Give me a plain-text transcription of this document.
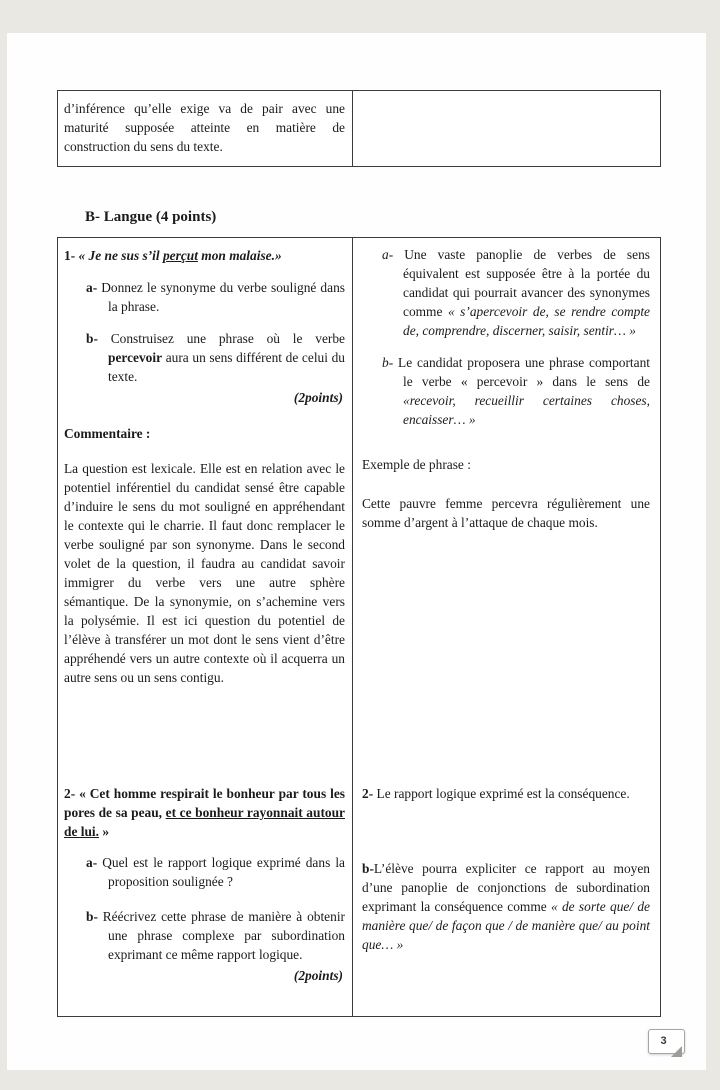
d’inférence qu’elle exige va de pair avec une maturité supposée atteinte en matière de construction du sens du texte.
B- Langue (4 points)

1- « Je ne sus s’il perçut mon malaise.»

a- Donnez le synonyme du verbe souligné dans la phrase.

b- Construisez une phrase où le verbe percevoir aura un sens différent de celui du texte.

(2points)

Commentaire :

La question est lexicale. Elle est en relation avec le potentiel inférentiel du candidat sensé être capable d’induire le sens du mot souligné en appréhendant le contexte qui le charrie. Il faut donc remplacer le verbe souligné par son synonyme. Dans le second volet de la question, il faudra au candidat savoir immigrer du verbe vers une autre sphère sémantique. De la synonymie, on s’achemine vers la polysémie. Il est ici question du potentiel de l’élève à transférer un mot dont le sens vient d’être appréhendé vers un autre contexte où il acquerra un autre sens ou un sens contigu.

a- Une vaste panoplie de verbes de sens équivalent est supposée être à la portée du candidat qui pourrait avancer des synonymes comme « s’apercevoir de, se rendre compte de, comprendre, discerner, saisir, sentir… »

b- Le candidat proposera une phrase comportant le verbe « percevoir » dans le sens de «recevoir, recueillir certaines choses, encaisser… »

Exemple de phrase :

Cette pauvre femme percevra régulièrement une somme d’argent à l’attaque de chaque mois.

2- « Cet homme respirait le bonheur par tous les pores de sa peau, et ce bonheur rayonnait autour de lui. »

a- Quel est le rapport logique exprimé dans la proposition soulignée ?

b- Réécrivez cette phrase de manière à obtenir une phrase complexe par subordination exprimant ce même rapport logique.

(2points)

2- Le rapport logique exprimé est la conséquence.

b-L’élève pourra expliciter ce rapport au moyen d’une panoplie de conjonctions de subordination exprimant la conséquence comme « de sorte que/ de manière que/ de façon que / de manière que/ au point que… »

3
